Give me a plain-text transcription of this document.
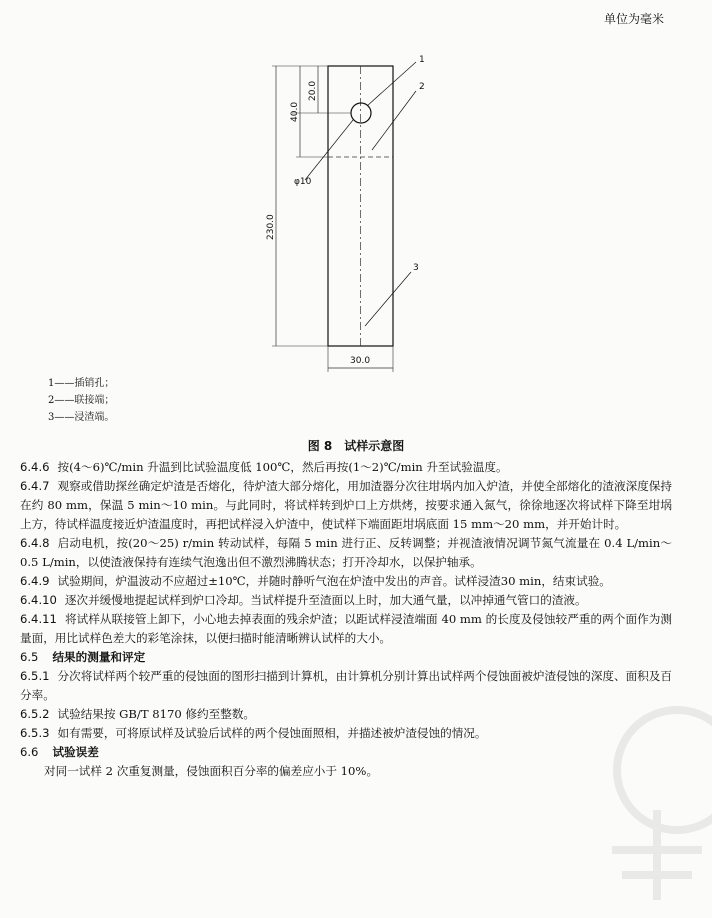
单位为毫米
230.0
40.0
20.0
φ10
30.0
1
2
3
1——插销孔；
2——联接端；
3——浸渣端。
图 8　试样示意图

6.4.6 按(4～6)℃/min 升温到比试验温度低 100℃，然后再按(1～2)℃/min 升至试验温度。

6.4.7 观察或借助探丝确定炉渣是否熔化，待炉渣大部分熔化，用加渣器分次往坩埚内加入炉渣，并使全部熔化的渣液深度保持在约 80 mm，保温 5 min～10 min。与此同时，将试样转到炉口上方烘烤，按要求通入氮气，徐徐地逐次将试样下降至坩埚上方，待试样温度接近炉渣温度时，再把试样浸入炉渣中，使试样下端面距坩埚底面 15 mm～20 mm，并开始计时。

6.4.8 启动电机，按(20～25) r/min 转动试样，每隔 5 min 进行正、反转调整；并视渣液情况调节氮气流量在 0.4 L/min～0.5 L/min，以使渣液保持有连续气泡逸出但不激烈沸腾状态；打开冷却水，以保护轴承。

6.4.9 试验期间，炉温波动不应超过±10℃，并随时静听气泡在炉渣中发出的声音。试样浸渣30 min，结束试验。

6.4.10 逐次并缓慢地提起试样到炉口冷却。当试样提升至渣面以上时，加大通气量，以冲掉通气管口的渣液。

6.4.11 将试样从联接管上卸下，小心地去掉表面的残余炉渣；以距试样浸渣端面 40 mm 的长度及侵蚀较严重的两个面作为测量面，用比试样色差大的彩笔涂抹，以便扫描时能清晰辨认试样的大小。

6.5 结果的测量和评定

6.5.1 分次将试样两个较严重的侵蚀面的图形扫描到计算机，由计算机分别计算出试样两个侵蚀面被炉渣侵蚀的深度、面积及百分率。

6.5.2 试验结果按 GB/T 8170 修约至整数。

6.5.3 如有需要，可将原试样及试验后试样的两个侵蚀面照相，并描述被炉渣侵蚀的情况。

6.6 试验误差

对同一试样 2 次重复测量，侵蚀面积百分率的偏差应小于 10%。
